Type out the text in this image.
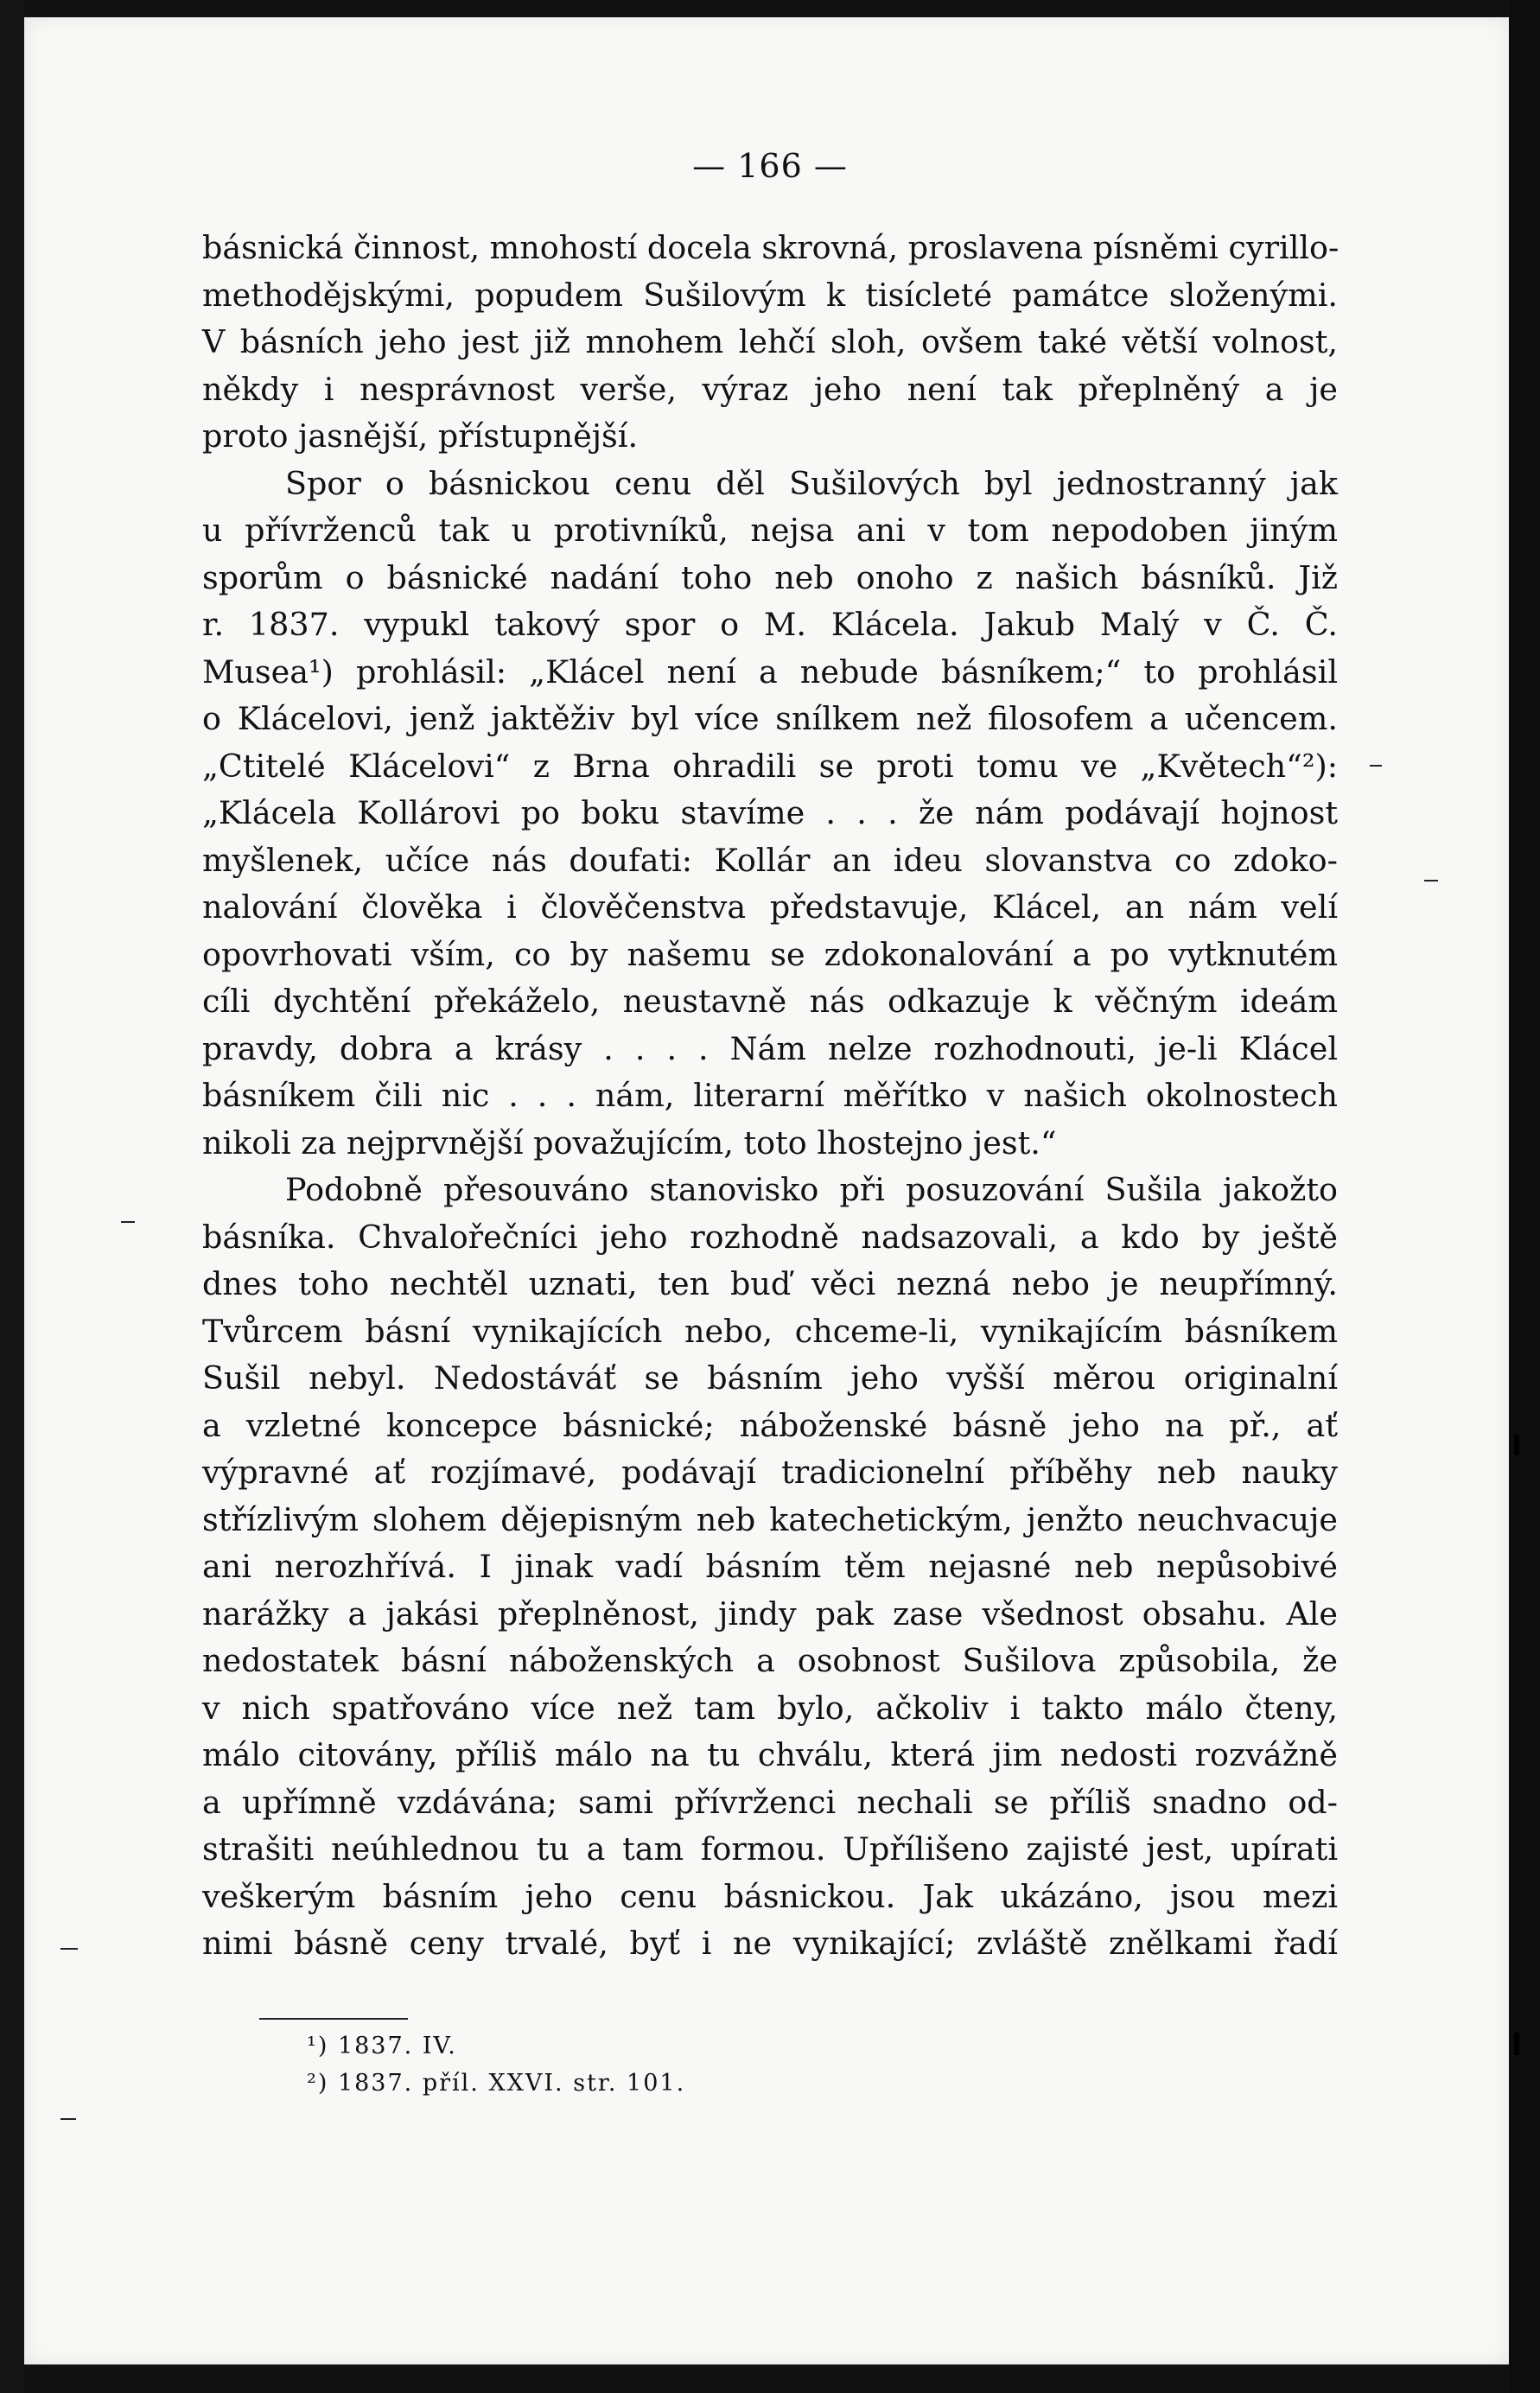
— 166 —
básnická činnost, mnohostí docela skrovná, proslavena písněmi cyrillo-
methodějskými, popudem Sušilovým k tisícleté památce složenými.
V básních jeho jest již mnohem lehčí sloh, ovšem také větší volnost,
někdy i nesprávnost verše, výraz jeho není tak přeplněný a je
proto jasnější, přístupnější.
Spor o básnickou cenu děl Sušilových byl jednostranný jak
u přívrženců tak u protivníků, nejsa ani v tom nepodoben jiným
sporům o básnické nadání toho neb onoho z našich básníků. Již
r. 1837. vypukl takový spor o M. Klácela. Jakub Malý v Č. Č.
Musea¹) prohlásil: „Klácel není a nebude básníkem;“ to prohlásil
o Klácelovi, jenž jaktěživ byl více snílkem než filosofem a učencem.
„Ctitelé Klácelovi“ z Brna ohradili se proti tomu ve „Květech“²):
„Klácela Kollárovi po boku stavíme . . . že nám podávají hojnost
myšlenek, učíce nás doufati: Kollár an ideu slovanstva co zdoko-
nalování člověka i člověčenstva představuje, Klácel, an nám velí
opovrhovati vším, co by našemu se zdokonalování a po vytknutém
cíli dychtění překáželo, neustavně nás odkazuje k věčným ideám
pravdy, dobra a krásy . . . . Nám nelze rozhodnouti, je-li Klácel
básníkem čili nic . . . nám, literarní měřítko v našich okolnostech
nikoli za nejprvnější považujícím, toto lhostejno jest.“
Podobně přesouváno stanovisko při posuzování Sušila jakožto
básníka. Chvalořečníci jeho rozhodně nadsazovali, a kdo by ještě
dnes toho nechtěl uznati, ten buď věci nezná nebo je neupřímný.
Tvůrcem básní vynikajících nebo, chceme-li, vynikajícím básníkem
Sušil nebyl. Nedostáváť se básním jeho vyšší měrou originalní
a vzletné koncepce básnické; náboženské básně jeho na př., ať
výpravné ať rozjímavé, podávají tradicionelní příběhy neb nauky
střízlivým slohem dějepisným neb katechetickým, jenžto neuchvacuje
ani nerozhřívá. I jinak vadí básním těm nejasné neb nepůsobivé
narážky a jakási přeplněnost, jindy pak zase všednost obsahu. Ale
nedostatek básní náboženských a osobnost Sušilova způsobila, že
v nich spatřováno více než tam bylo, ačkoliv i takto málo čteny,
málo citovány, příliš málo na tu chválu, která jim nedosti rozvážně
a upřímně vzdávána; sami přívrženci nechali se příliš snadno od-
strašiti neúhlednou tu a tam formou. Upřílišeno zajisté jest, upírati
veškerým básním jeho cenu básnickou. Jak ukázáno, jsou mezi
nimi básně ceny trvalé, byť i ne vynikající; zvláště znělkami řadí
¹) 1837. IV.
²) 1837. příl. XXVI. str. 101.
